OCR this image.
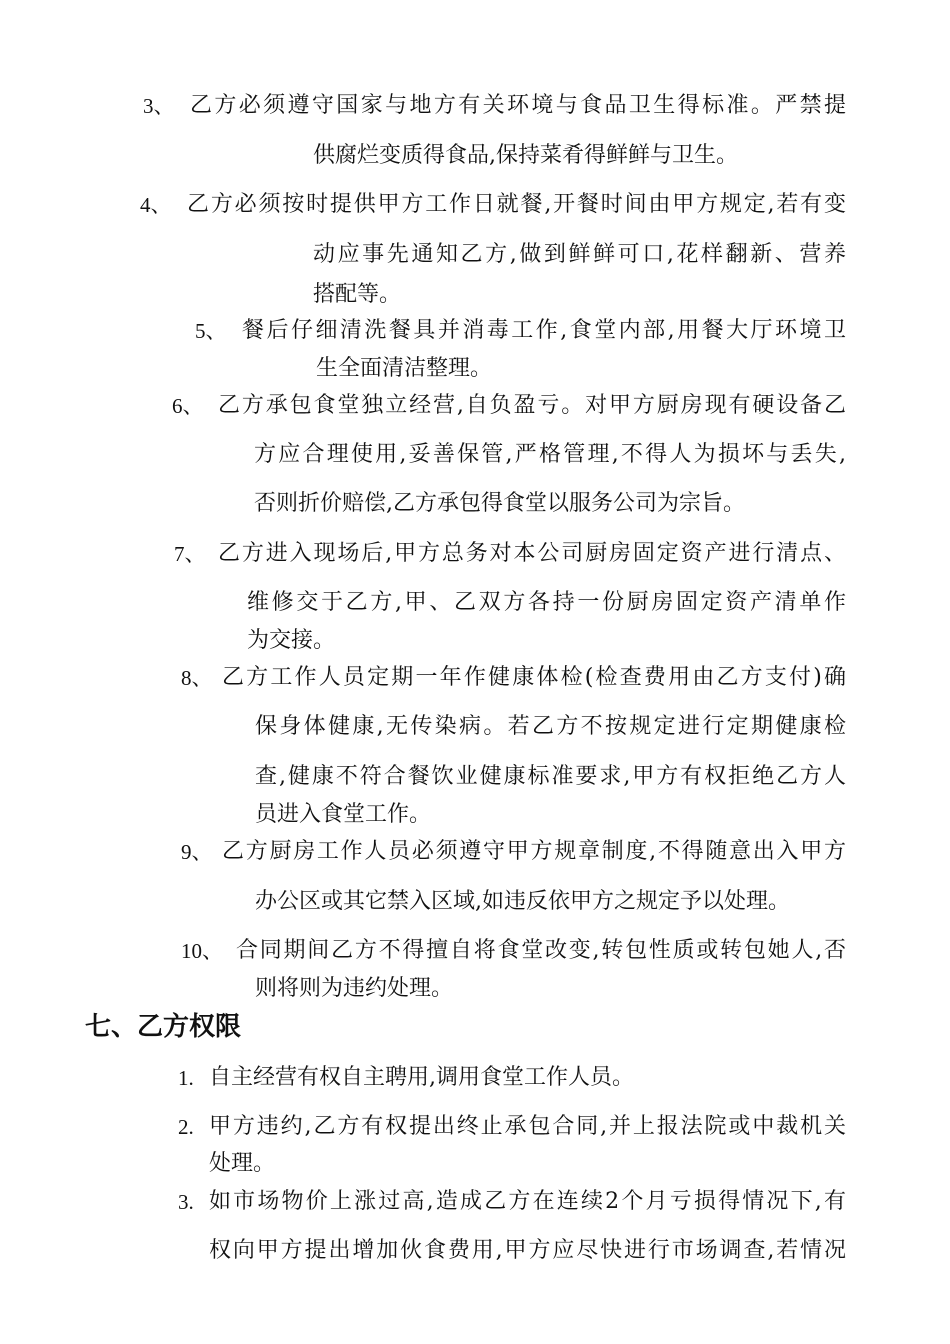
3、 乙方必须遵守国家与地方有关环境与食品卫生得标准。严禁提
供腐烂变质得食品,保持菜肴得鲜鲜与卫生。
4、 乙方必须按时提供甲方工作日就餐,开餐时间由甲方规定,若有变
动应事先通知乙方,做到鲜鲜可口,花样翻新、营养
搭配等。
5、 餐后仔细清洗餐具并消毒工作,食堂内部,用餐大厅环境卫
生全面清洁整理。
6、 乙方承包食堂独立经营,自负盈亏。对甲方厨房现有硬设备乙
方应合理使用,妥善保管,严格管理,不得人为损坏与丢失,
否则折价赔偿,乙方承包得食堂以服务公司为宗旨。
7、 乙方进入现场后,甲方总务对本公司厨房固定资产进行清点、
维修交于乙方,甲、乙双方各持一份厨房固定资产清单作
为交接。
8、 乙方工作人员定期一年作健康体检(检查费用由乙方支付)确
保身体健康,无传染病。若乙方不按规定进行定期健康检
查,健康不符合餐饮业健康标准要求,甲方有权拒绝乙方人
员进入食堂工作。
9、 乙方厨房工作人员必须遵守甲方规章制度,不得随意出入甲方
办公区或其它禁入区域,如违反依甲方之规定予以处理。
10、 合同期间乙方不得擅自将食堂改变,转包性质或转包她人,否
则将则为违约处理。
七、乙方权限
1. 自主经营有权自主聘用,调用食堂工作人员。
2. 甲方违约,乙方有权提出终止承包合同,并上报法院或中裁机关
处理。
3. 如市场物价上涨过高,造成乙方在连续2个月亏损得情况下,有
权向甲方提出增加伙食费用,甲方应尽快进行市场调查,若情况
